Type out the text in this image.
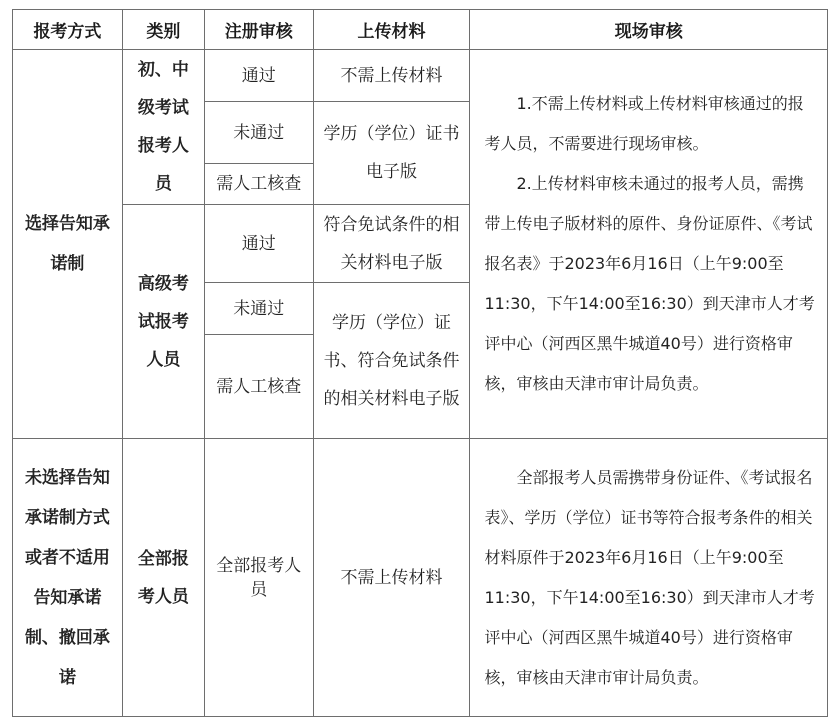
报考方式	类别	注册审核	上传材料	现场审核
选择告知承诺制	初、中级考试报考人员	通过	不需上传材料	1.不需上传材料或上传材料审核通过的报考人员，不需要进行现场审核。

2.上传材料审核未通过的报考人员，需携带上传电子版材料的原件、身份证原件、《考试报名表》于2023年6月16日（上午9:00至11:30，下午14:00至16:30）到天津市人才考评中心（河西区黑牛城道40号）进行资格审核，审核由天津市审计局负责。

		未通过	学历（学位）证书电子版	
		需人工核查		
	高级考试报考人员	通过	符合免试条件的相关材料电子版	
		未通过	学历（学位）证书、符合免试条件的相关材料电子版	
		需人工核查		

未选择告知承诺制方式或者不适用告知承诺制、撤回承诺	全部报考人员	全部报考人员	不需上传材料	全部报考人员需携带身份证件、《考试报名表》、学历（学位）证书等符合报考条件的相关材料原件于2023年6月16日（上午9:00至11:30，下午14:00至16:30）到天津市人才考评中心（河西区黑牛城道40号）进行资格审核，审核由天津市审计局负责。
